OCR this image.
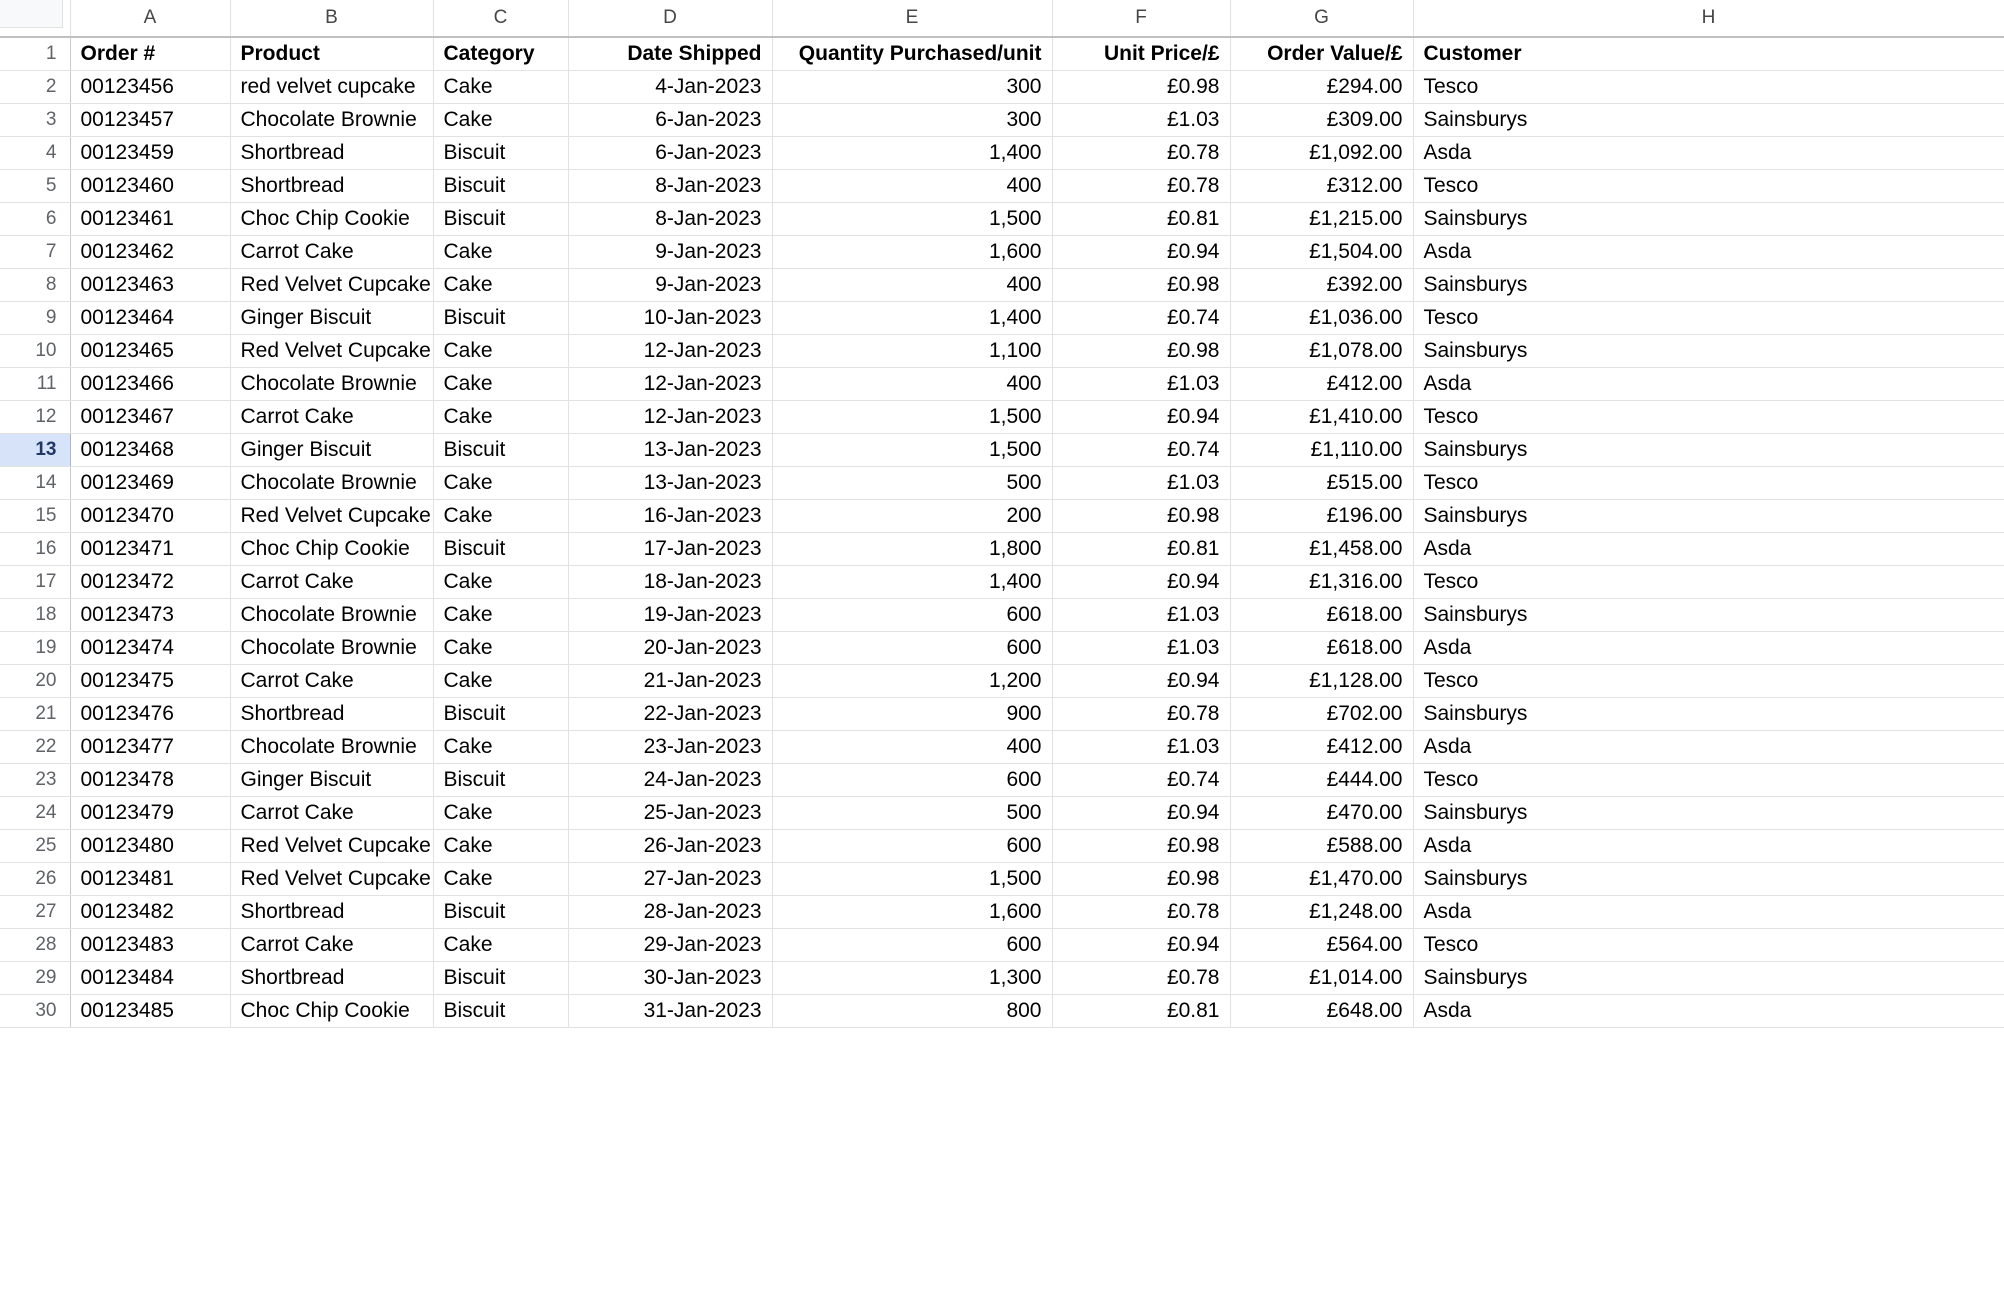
	A	B	C	D	E	F	G	H
1	Order #	Product	Category	Date Shipped	Quantity Purchased/unit	Unit Price/£	Order Value/£	Customer
2	00123456	red velvet cupcake	Cake	4-Jan-2023	300	£0.98	£294.00	Tesco
3	00123457	Chocolate Brownie	Cake	6-Jan-2023	300	£1.03	£309.00	Sainsburys
4	00123459	Shortbread	Biscuit	6-Jan-2023	1,400	£0.78	£1,092.00	Asda
5	00123460	Shortbread	Biscuit	8-Jan-2023	400	£0.78	£312.00	Tesco
6	00123461	Choc Chip Cookie	Biscuit	8-Jan-2023	1,500	£0.81	£1,215.00	Sainsburys
7	00123462	Carrot Cake	Cake	9-Jan-2023	1,600	£0.94	£1,504.00	Asda
8	00123463	Red Velvet Cupcake	Cake	9-Jan-2023	400	£0.98	£392.00	Sainsburys
9	00123464	Ginger Biscuit	Biscuit	10-Jan-2023	1,400	£0.74	£1,036.00	Tesco
10	00123465	Red Velvet Cupcake	Cake	12-Jan-2023	1,100	£0.98	£1,078.00	Sainsburys
11	00123466	Chocolate Brownie	Cake	12-Jan-2023	400	£1.03	£412.00	Asda
12	00123467	Carrot Cake	Cake	12-Jan-2023	1,500	£0.94	£1,410.00	Tesco
13	00123468	Ginger Biscuit	Biscuit	13-Jan-2023	1,500	£0.74	£1,110.00	Sainsburys
14	00123469	Chocolate Brownie	Cake	13-Jan-2023	500	£1.03	£515.00	Tesco
15	00123470	Red Velvet Cupcake	Cake	16-Jan-2023	200	£0.98	£196.00	Sainsburys
16	00123471	Choc Chip Cookie	Biscuit	17-Jan-2023	1,800	£0.81	£1,458.00	Asda
17	00123472	Carrot Cake	Cake	18-Jan-2023	1,400	£0.94	£1,316.00	Tesco
18	00123473	Chocolate Brownie	Cake	19-Jan-2023	600	£1.03	£618.00	Sainsburys
19	00123474	Chocolate Brownie	Cake	20-Jan-2023	600	£1.03	£618.00	Asda
20	00123475	Carrot Cake	Cake	21-Jan-2023	1,200	£0.94	£1,128.00	Tesco
21	00123476	Shortbread	Biscuit	22-Jan-2023	900	£0.78	£702.00	Sainsburys
22	00123477	Chocolate Brownie	Cake	23-Jan-2023	400	£1.03	£412.00	Asda
23	00123478	Ginger Biscuit	Biscuit	24-Jan-2023	600	£0.74	£444.00	Tesco
24	00123479	Carrot Cake	Cake	25-Jan-2023	500	£0.94	£470.00	Sainsburys
25	00123480	Red Velvet Cupcake	Cake	26-Jan-2023	600	£0.98	£588.00	Asda
26	00123481	Red Velvet Cupcake	Cake	27-Jan-2023	1,500	£0.98	£1,470.00	Sainsburys
27	00123482	Shortbread	Biscuit	28-Jan-2023	1,600	£0.78	£1,248.00	Asda
28	00123483	Carrot Cake	Cake	29-Jan-2023	600	£0.94	£564.00	Tesco
29	00123484	Shortbread	Biscuit	30-Jan-2023	1,300	£0.78	£1,014.00	Sainsburys
30	00123485	Choc Chip Cookie	Biscuit	31-Jan-2023	800	£0.81	£648.00	Asda
